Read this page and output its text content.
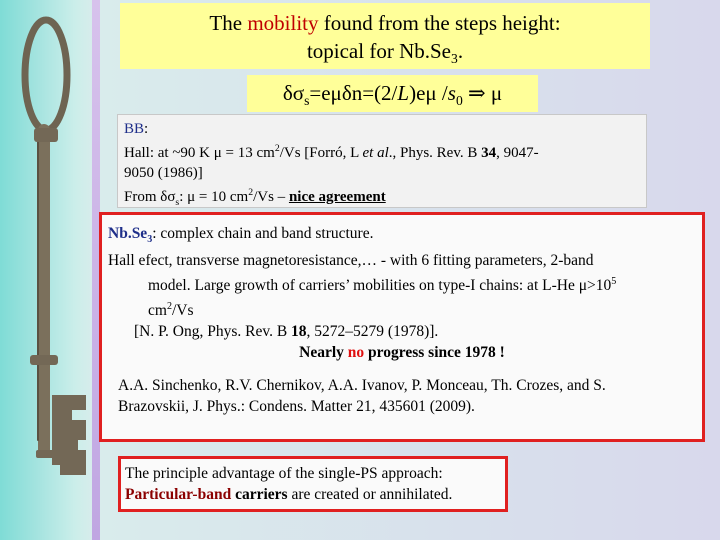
The mobility found from the steps height:
topical for $Nb.Se_3$.
$\delta\sigma_s=e\mu\delta n=(2/L)e\mu$ $/s_0$ ⇒ μ

BB:

Hall: at ~90 K μ = 13 $cm^2/Vs$ [Forró, L et al., Phys. Rev. B 34, 9047-

9050 (1986)]

From $\delta\sigma_s$: μ = 10 $cm^2/Vs$ – nice agreement

$Nb.Se_3$: complex chain and band structure.

Hall efect, transverse magnetoresistance,… - with 6 fitting parameters, 2-band

model. Large growth of carriers’ mobilities on type-I chains: at L-He $\mu>10^5$

$cm^2/Vs$

[N. P. Ong, Phys. Rev. B 18, 5272–5279 (1978)].

Nearly no progress since 1978 !

A.A. Sinchenko, R.V. Chernikov, A.A. Ivanov, P. Monceau, Th. Crozes, and S. Brazovskii, J. Phys.: Condens. Matter 21, 435601 (2009).

The principle advantage of the single-PS approach:

Particular-band carriers are created or annihilated.
